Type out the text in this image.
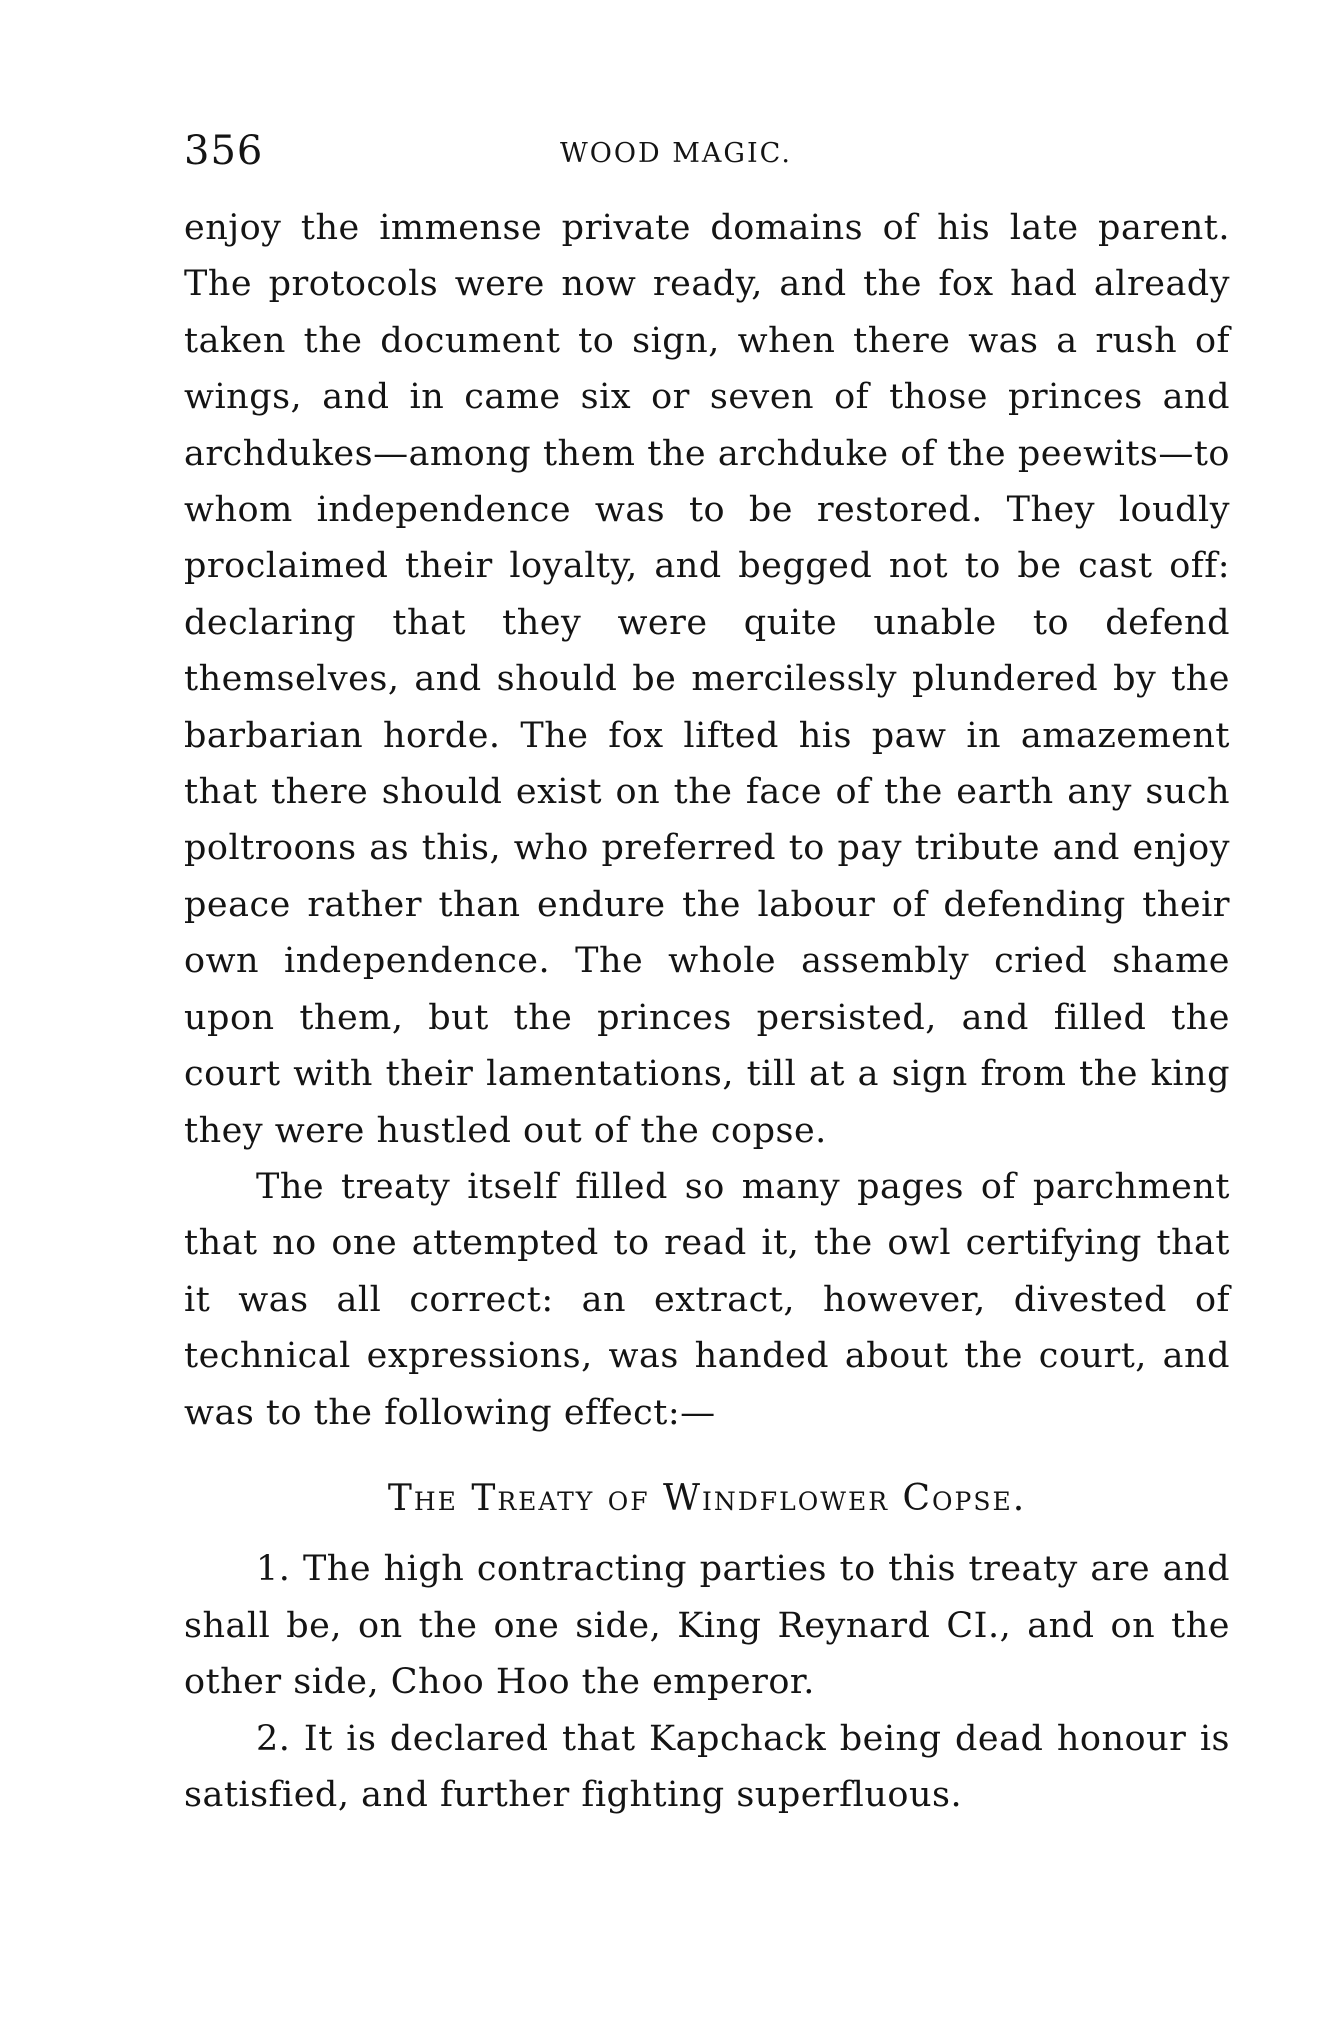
356	WOOD MAGIC.

enjoy the immense private domains of his late parent. The protocols were now ready, and the fox had already taken the document to sign, when there was a rush of wings, and in came six or seven of those princes and archdukes—among them the archduke of the peewits—to whom independence was to be restored. They loudly proclaimed their loyalty, and begged not to be cast off: declaring that they were quite unable to defend themselves, and should be mercilessly plundered by the barbarian horde. The fox lifted his paw in amazement that there should exist on the face of the earth any such poltroons as this, who preferred to pay tribute and enjoy peace rather than endure the labour of defending their own independence. The whole assembly cried shame upon them, but the princes persisted, and filled the court with their lamentations, till at a sign from the king they were hustled out of the copse.

The treaty itself filled so many pages of parchment that no one attempted to read it, the owl certifying that it was all correct: an extract, however, divested of technical expressions, was handed about the court, and was to the following effect:—

The Treaty of Windflower Copse.

1. The high contracting parties to this treaty are and shall be, on the one side, King Reynard CI., and on the other side, Choo Hoo the emperor.

2. It is declared that Kapchack being dead honour is satisfied, and further fighting superfluous.
